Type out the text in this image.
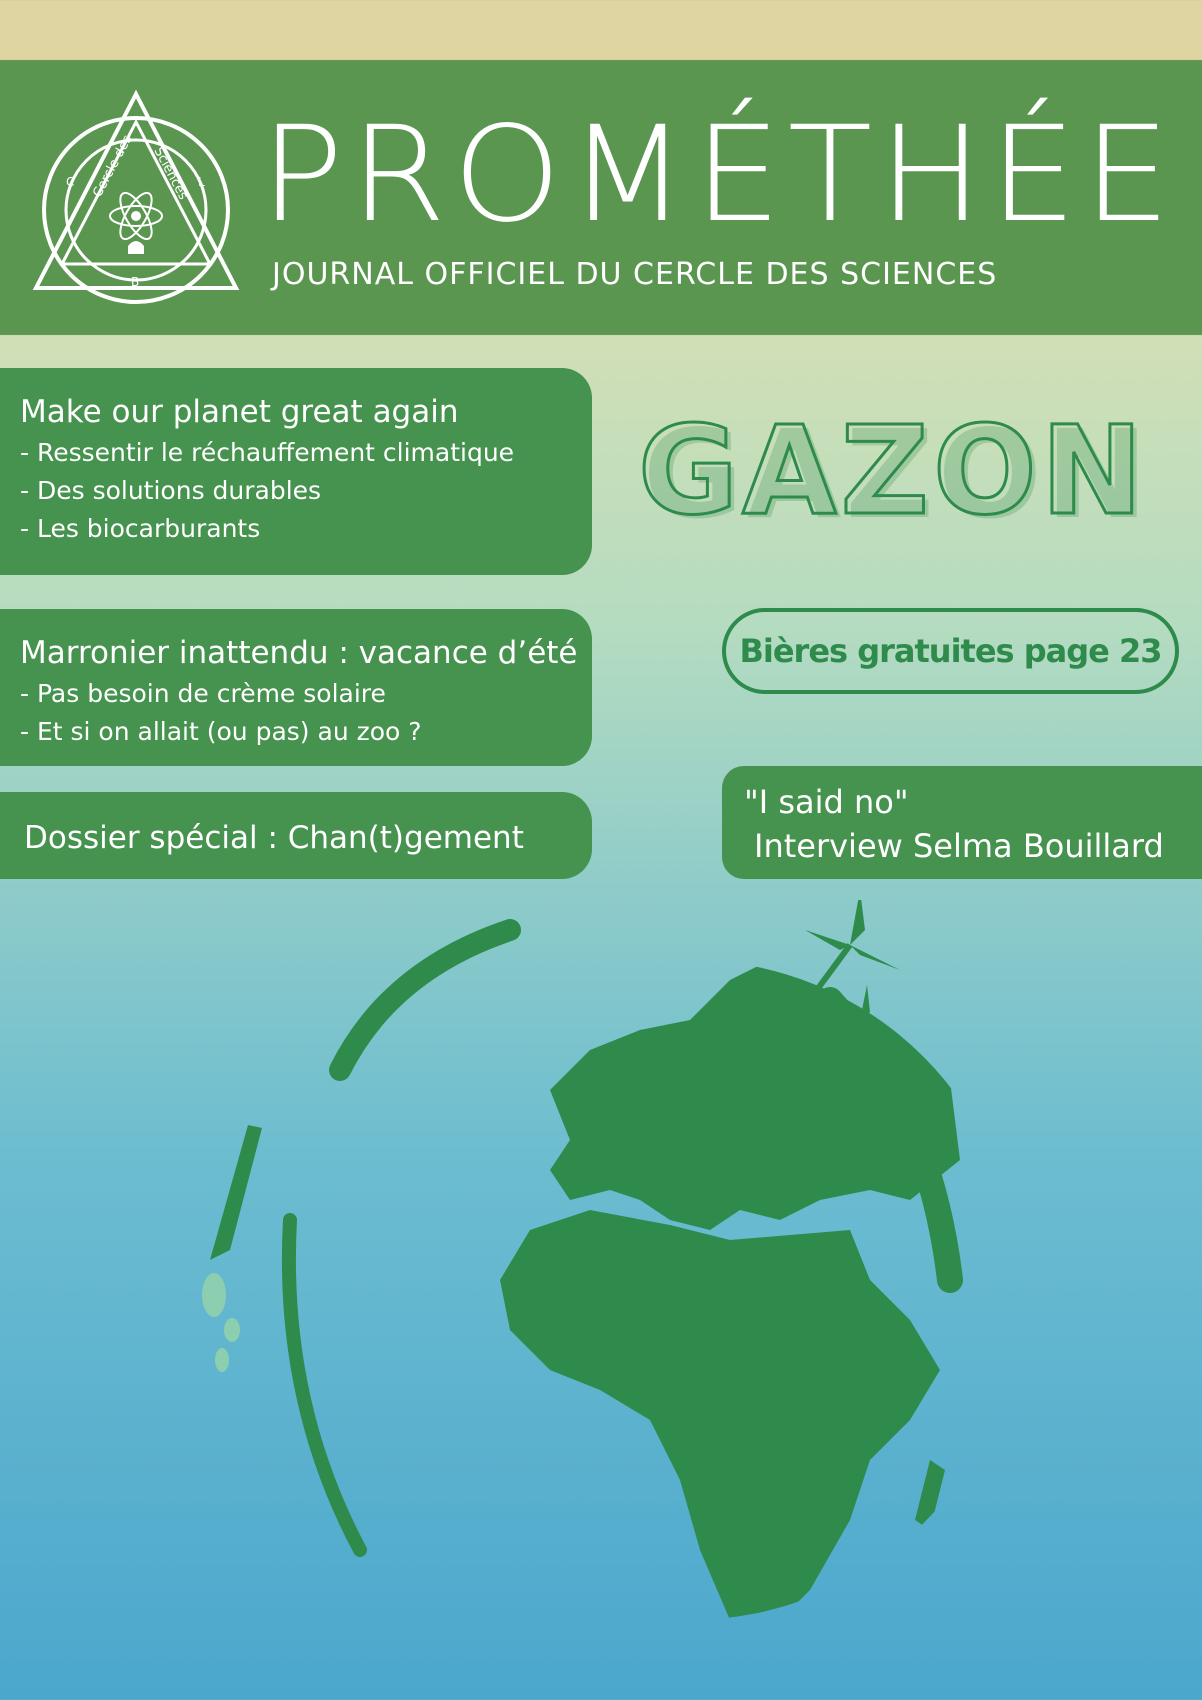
Cercle des Sciences
C	L
B
PROMÉTHÉE
JOURNAL OFFICIEL DU CERCLE DES SCIENCES
Make our planet great again
- Ressentir le réchauffement climatique
- Des solutions durables
- Les biocarburants
Marronier inattendu : vacance d’été
- Pas besoin de crème solaire
- Et si on allait (ou pas) au zoo ?
Dossier spécial : Chan(t)gement
GAZON
Bières gratuites page 23
"I said no"
Interview Selma Bouillard
